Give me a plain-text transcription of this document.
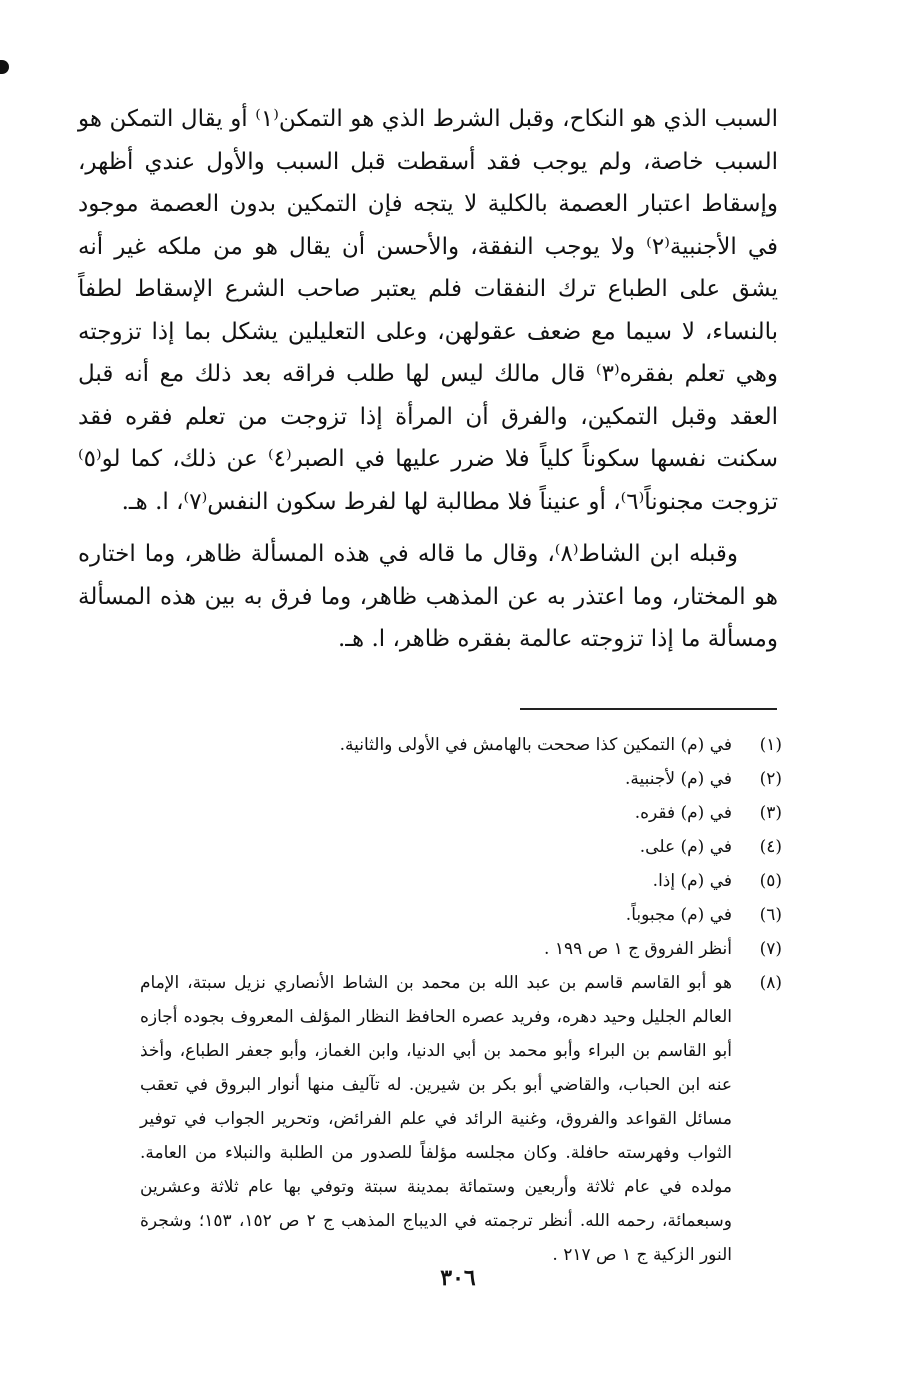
السبب الذي هو النكاح، وقبل الشرط الذي هو التمكن⁽١⁾ أو يقال التمكن هو السبب خاصة، ولم يوجب فقد أسقطت قبل السبب والأول عندي أظهر، وإسقاط اعتبار العصمة بالكلية لا يتجه فإن التمكين بدون العصمة موجود في الأجنبية⁽٢⁾ ولا يوجب النفقة، والأحسن أن يقال هو من ملكه غير أنه يشق على الطباع ترك النفقات فلم يعتبر صاحب الشرع الإسقاط لطفاً بالنساء، لا سيما مع ضعف عقولهن، وعلى التعليلين يشكل بما إذا تزوجته وهي تعلم بفقره⁽٣⁾ قال مالك ليس لها طلب فراقه بعد ذلك مع أنه قبل العقد وقبل التمكين، والفرق أن المرأة إذا تزوجت من تعلم فقره فقد سكنت نفسها سكوناً كلياً فلا ضرر عليها في الصبر⁽٤⁾ عن ذلك، كما لو⁽٥⁾ تزوجت مجنوناً⁽٦⁾، أو عنيناً فلا مطالبة لها لفرط سكون النفس⁽٧⁾، ا. هـ.

وقبله ابن الشاط⁽٨⁾، وقال ما قاله في هذه المسألة ظاهر، وما اختاره هو المختار، وما اعتذر به عن المذهب ظاهر، وما فرق به بين هذه المسألة ومسألة ما إذا تزوجته عالمة بفقره ظاهر، ا. هـ.

(١)
في (م) التمكين كذا صححت بالهامش في الأولى والثانية.
(٢)
في (م) لأجنبية.
(٣)
في (م) فقره.
(٤)
في (م) على.
(٥)
في (م) إذا.
(٦)
في (م) مجبوباً.
(٧)
أنظر الفروق ج ١ ص ١٩٩ .
(٨)
هو أبو القاسم قاسم بن عبد الله بن محمد بن الشاط الأنصاري نزيل سبتة، الإمام العالم الجليل وحيد دهره، وفريد عصره الحافظ النظار المؤلف المعروف بجوده أجازه أبو القاسم بن البراء وأبو محمد بن أبي الدنيا، وابن الغماز، وأبو جعفر الطباع، وأخذ عنه ابن الحباب، والقاضي أبو بكر بن شيرين. له تآليف منها أنوار البروق في تعقب مسائل القواعد والفروق، وغنية الرائد في علم الفرائض، وتحرير الجواب في توفير الثواب وفهرسته حافلة. وكان مجلسه مؤلفاً للصدور من الطلبة والنبلاء من العامة. مولده في عام ثلاثة وأربعين وستمائة بمدينة سبتة وتوفي بها عام ثلاثة وعشرين وسبعمائة، رحمه الله. أنظر ترجمته في الديباج المذهب ج ٢ ص ١٥٢، ١٥٣؛ وشجرة النور الزكية ج ١ ص ٢١٧ .
٣٠٦
